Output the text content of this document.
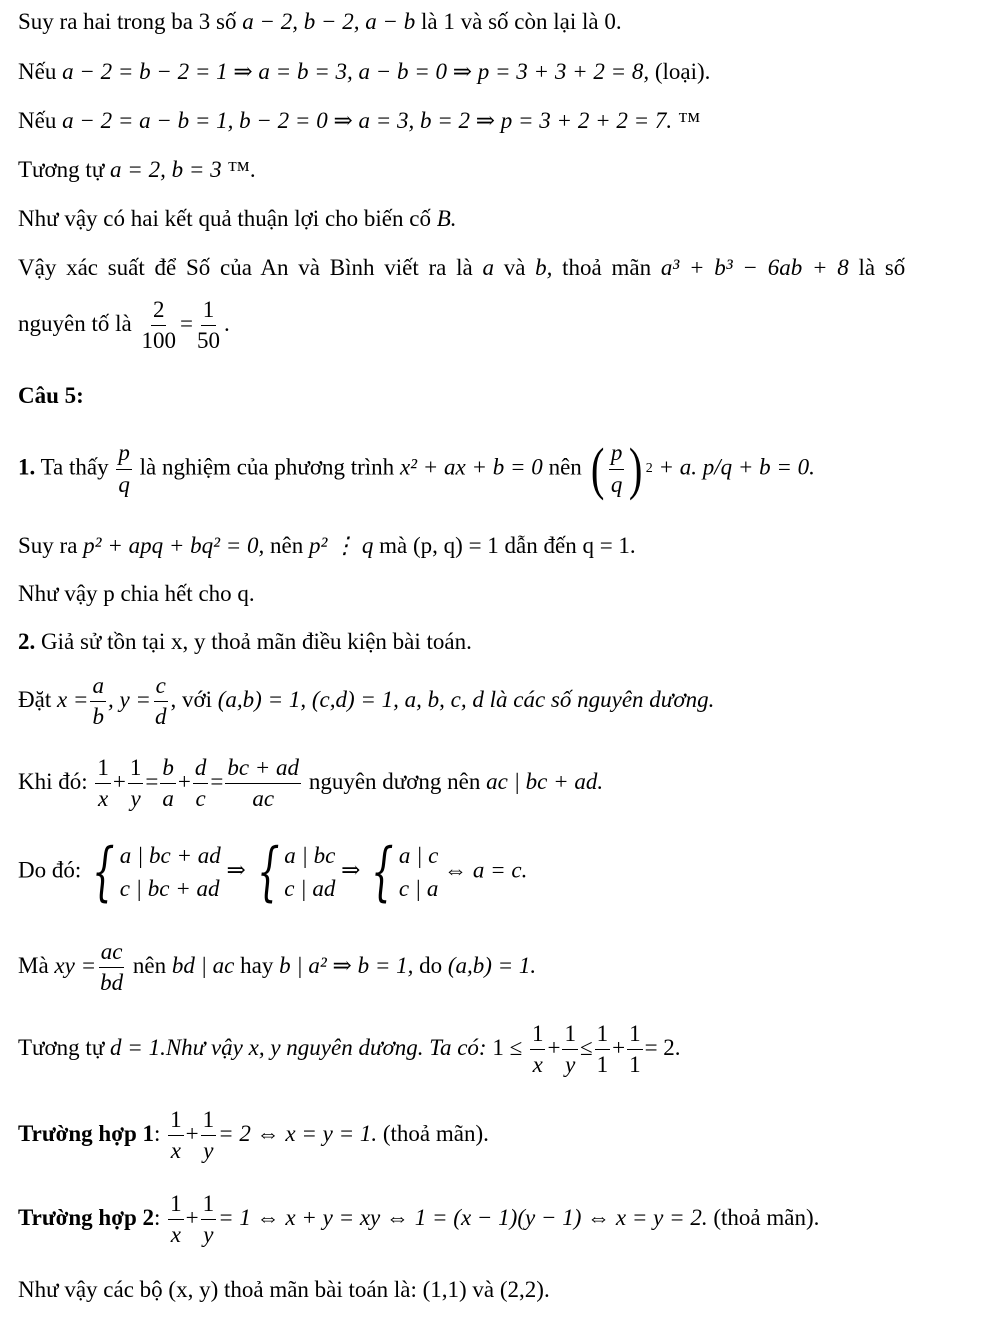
Suy ra hai trong ba 3 số a − 2, b − 2, a − b là 1 và số còn lại là 0.
Nếu a − 2 = b − 2 = 1 ⇒ a = b = 3, a − b = 0 ⇒ p = 3 + 3 + 2 = 8, (loại).
Nếu a − 2 = a − b = 1, b − 2 = 0 ⇒ a = 3, b = 2 ⇒ p = 3 + 2 + 2 = 7. ™
Tương tự a = 2, b = 3 ™.
Như vậy có hai kết quả thuận lợi cho biến cố B.
Vậy xác suất để Số của An và Bình viết ra là a và b, thoả mãn a³ + b³ − 6ab + 8 là số
nguyên tố là $\frac{2}{100} = \frac{1}{50}$ .
Câu 5:
1. Ta thấy $\frac{p}{q}$ là nghiệm của phương trình x² + ax + b = 0 nên ( p
q ) 2 + a. p/q + b = 0.
Suy ra p² + apq + bq² = 0, nên p² ⋮ q mà (p, q) = 1 dẫn đến q = 1.
Như vậy p chia hết cho q.
2. Giả sử tồn tại x, y thoả mãn điều kiện bài toán.
Đặt $x = \frac{a}{b}$ , $y = \frac{c}{d}$ , với (a,b) = 1, (c,d) = 1, a, b, c, d là các số nguyên dương.
Khi đó: $\frac{1}{x} + \frac{1}{y} = \frac{b}{a} + \frac{d}{c} = \frac{bc + ad}{ac}$ nguyên dương nên ac | bc + ad.
Do đó: { a | bc + ad
c | bc + ad
⇒ { a | bc
c | ad
⇒ { a | c
c | a
⇔ a = c.
Mà xy = $\frac{ac}{bd}$ nên bd | ac hay b | a² ⇒ b = 1, do (a,b) = 1.
Tương tự d = 1.Như vậy x, y nguyên dương. Ta có: $1 \le \frac{1}{x} + \frac{1}{y} \le \frac{1}{1} + \frac{1}{1} = 2$.
Trường hợp 1: $\frac{1}{x} + \frac{1}{y} = 2$ ⇔ x = y = 1. (thoả mãn).
Trường hợp 2: $\frac{1}{x} + \frac{1}{y} = 1$ ⇔ x + y = xy ⇔ 1 = (x − 1)(y − 1) ⇔ x = y = 2. (thoả mãn).
Như vậy các bộ (x, y) thoả mãn bài toán là: (1,1) và (2,2).
